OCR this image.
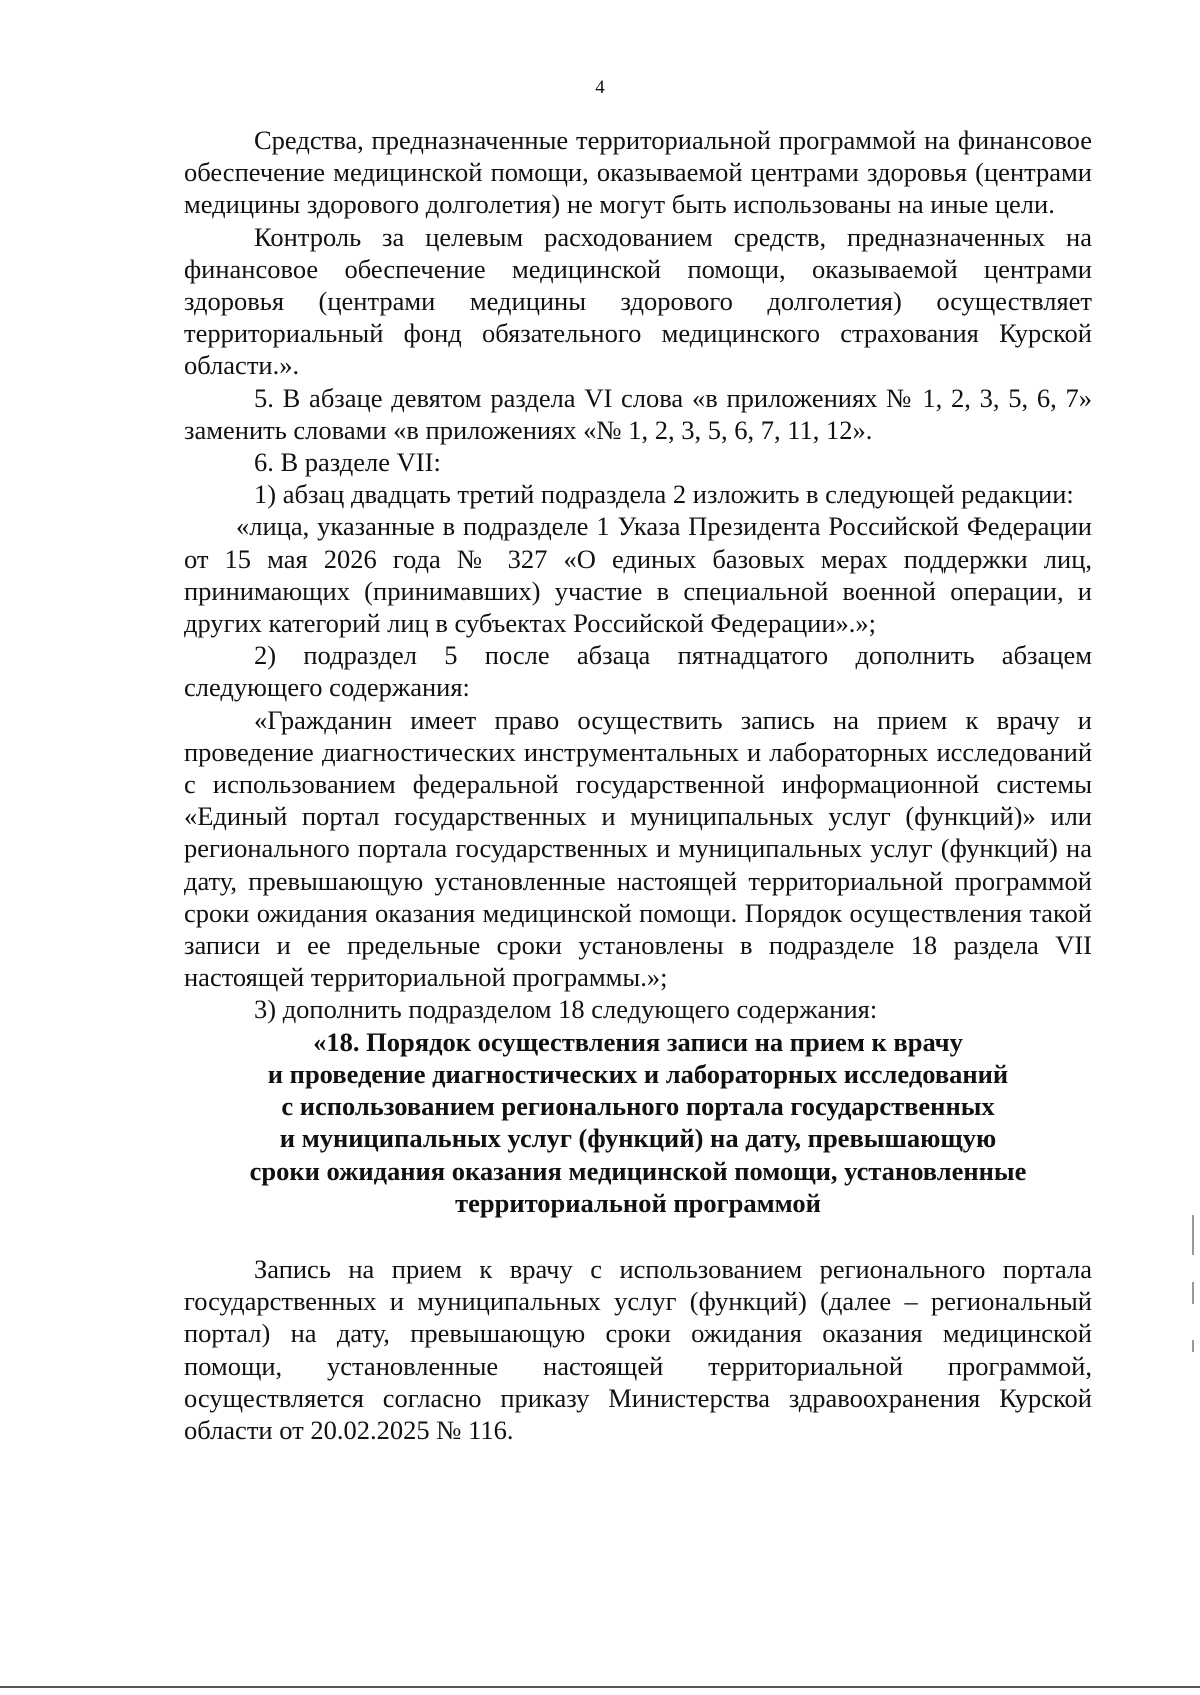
4

Средства, предназначенные территориальной программой на финансовое обеспечение медицинской помощи, оказываемой центрами здоровья (центрами медицины здорового долголетия) не могут быть использованы на иные цели.

Контроль за целевым расходованием средств, предназначенных на финансовое обеспечение медицинской помощи, оказываемой центрами здоровья (центрами медицины здорового долголетия) осуществляет территориальный фонд обязательного медицинского страхования Курской области.».

5. В абзаце девятом раздела VI слова «в приложениях № 1, 2, 3, 5, 6, 7» заменить словами «в приложениях «№ 1, 2, 3, 5, 6, 7, 11, 12».

6. В разделе VII:

1) абзац двадцать третий подраздела 2 изложить в следующей редакции:

«лица, указанные в подразделе 1 Указа Президента Российской Федерации от 15 мая 2026 года № 327 «О единых базовых мерах поддержки лиц, принимающих (принимавших) участие в специальной военной операции, и других категорий лиц в субъектах Российской Федерации».»;

2) подраздел 5 после абзаца пятнадцатого дополнить абзацем следующего содержания:

«Гражданин имеет право осуществить запись на прием к врачу и проведение диагностических инструментальных и лабораторных исследований с использованием федеральной государственной информационной системы «Единый портал государственных и муниципальных услуг (функций)» или регионального портала государственных и муниципальных услуг (функций) на дату, превышающую установленные настоящей территориальной программой сроки ожидания оказания медицинской помощи. Порядок осуществления такой записи и ее предельные сроки установлены в подразделе 18 раздела VII настоящей территориальной программы.»;

3) дополнить подразделом 18 следующего содержания:

«18. Порядок осуществления записи на прием к врачу
и проведение диагностических и лабораторных исследований
с использованием регионального портала государственных
и муниципальных услуг (функций) на дату, превышающую
сроки ожидания оказания медицинской помощи, установленные
территориальной программой

Запись на прием к врачу с использованием регионального портала государственных и муниципальных услуг (функций) (далее – региональный портал) на дату, превышающую сроки ожидания оказания медицинской помощи, установленные настоящей территориальной программой, осуществляется согласно приказу Министерства здравоохранения Курской области от 20.02.2025 № 116.
